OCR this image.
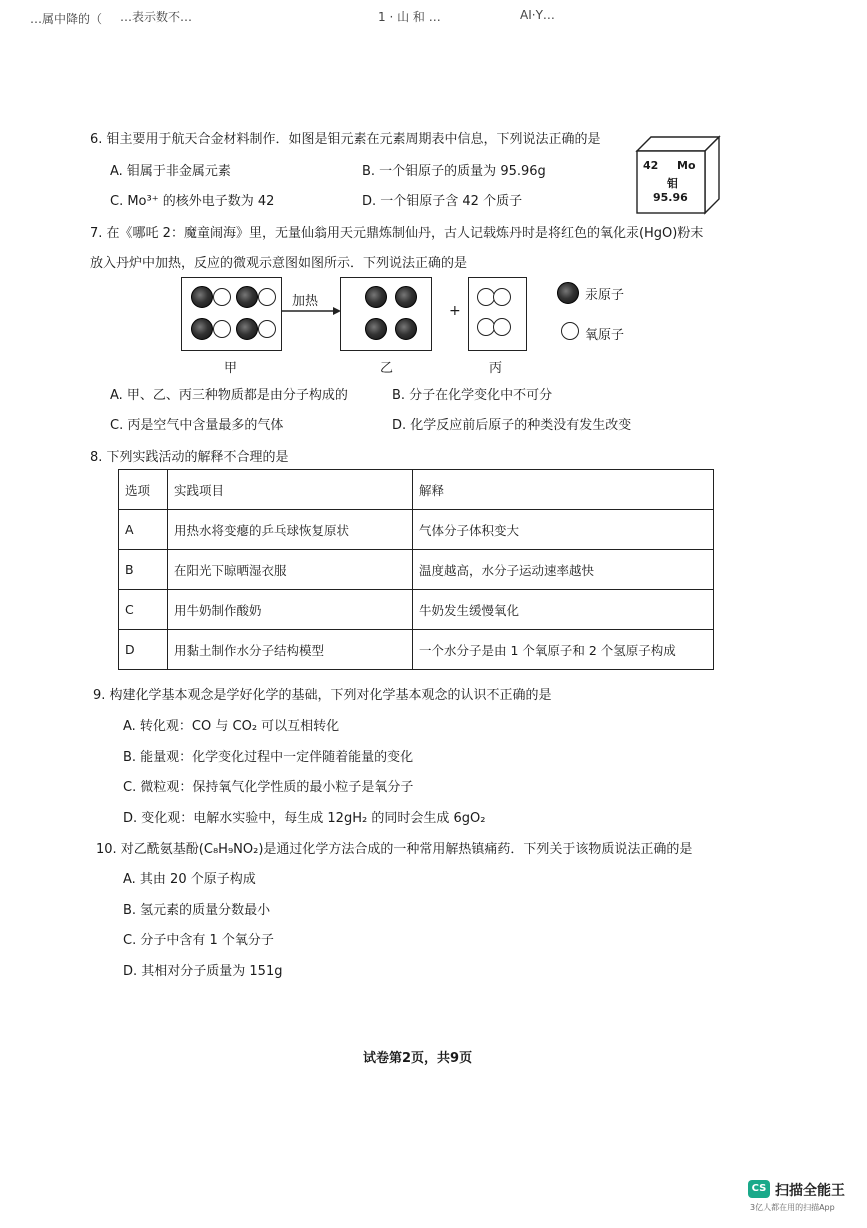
…属中降的（ …表示数不…	1 · 山 和 …	AI·Y…
6. 钼主要用于航天合金材料制作．如图是钼元素在元素周期表中信息，下列说法正确的是
A. 钼属于非金属元素	B. 一个钼原子的质量为 95.96g
C. Mo³⁺ 的核外电子数为 42	D. 一个钼原子含 42 个质子
42 Mo
钼
95.96
7. 在《哪吒 2：魔童闹海》里，无量仙翁用天元鼎炼制仙丹，古人记载炼丹时是将红色的氧化汞(HgO)粉末
放入丹炉中加热，反应的微观示意图如图所示．下列说法正确的是
加热
+
汞原子
氧原子
甲	乙	丙
A. 甲、乙、丙三种物质都是由分子构成的	B. 分子在化学变化中不可分
C. 丙是空气中含量最多的气体	D. 化学反应前后原子的种类没有发生改变
8. 下列实践活动的解释不合理的是
选项	实践项目	解释
A	用热水将变瘪的乒乓球恢复原状	气体分子体积变大
B	在阳光下晾晒湿衣服	温度越高，水分子运动速率越快
C	用牛奶制作酸奶	牛奶发生缓慢氧化
D	用黏土制作水分子结构模型	一个水分子是由 1 个氧原子和 2 个氢原子构成
9. 构建化学基本观念是学好化学的基础，下列对化学基本观念的认识不正确的是
A. 转化观：CO 与 CO₂ 可以互相转化
B. 能量观：化学变化过程中一定伴随着能量的变化
C. 微粒观：保持氧气化学性质的最小粒子是氧分子
D. 变化观：电解水实验中，每生成 12gH₂ 的同时会生成 6gO₂
10. 对乙酰氨基酚(C₈H₉NO₂)是通过化学方法合成的一种常用解热镇痛药．下列关于该物质说法正确的是
A. 其由 20 个原子构成
B. 氢元素的质量分数最小
C. 分子中含有 1 个氧分子
D. 其相对分子质量为 151g
试卷第2页，共9页
CS 扫描全能王
3亿人都在用的扫描App
